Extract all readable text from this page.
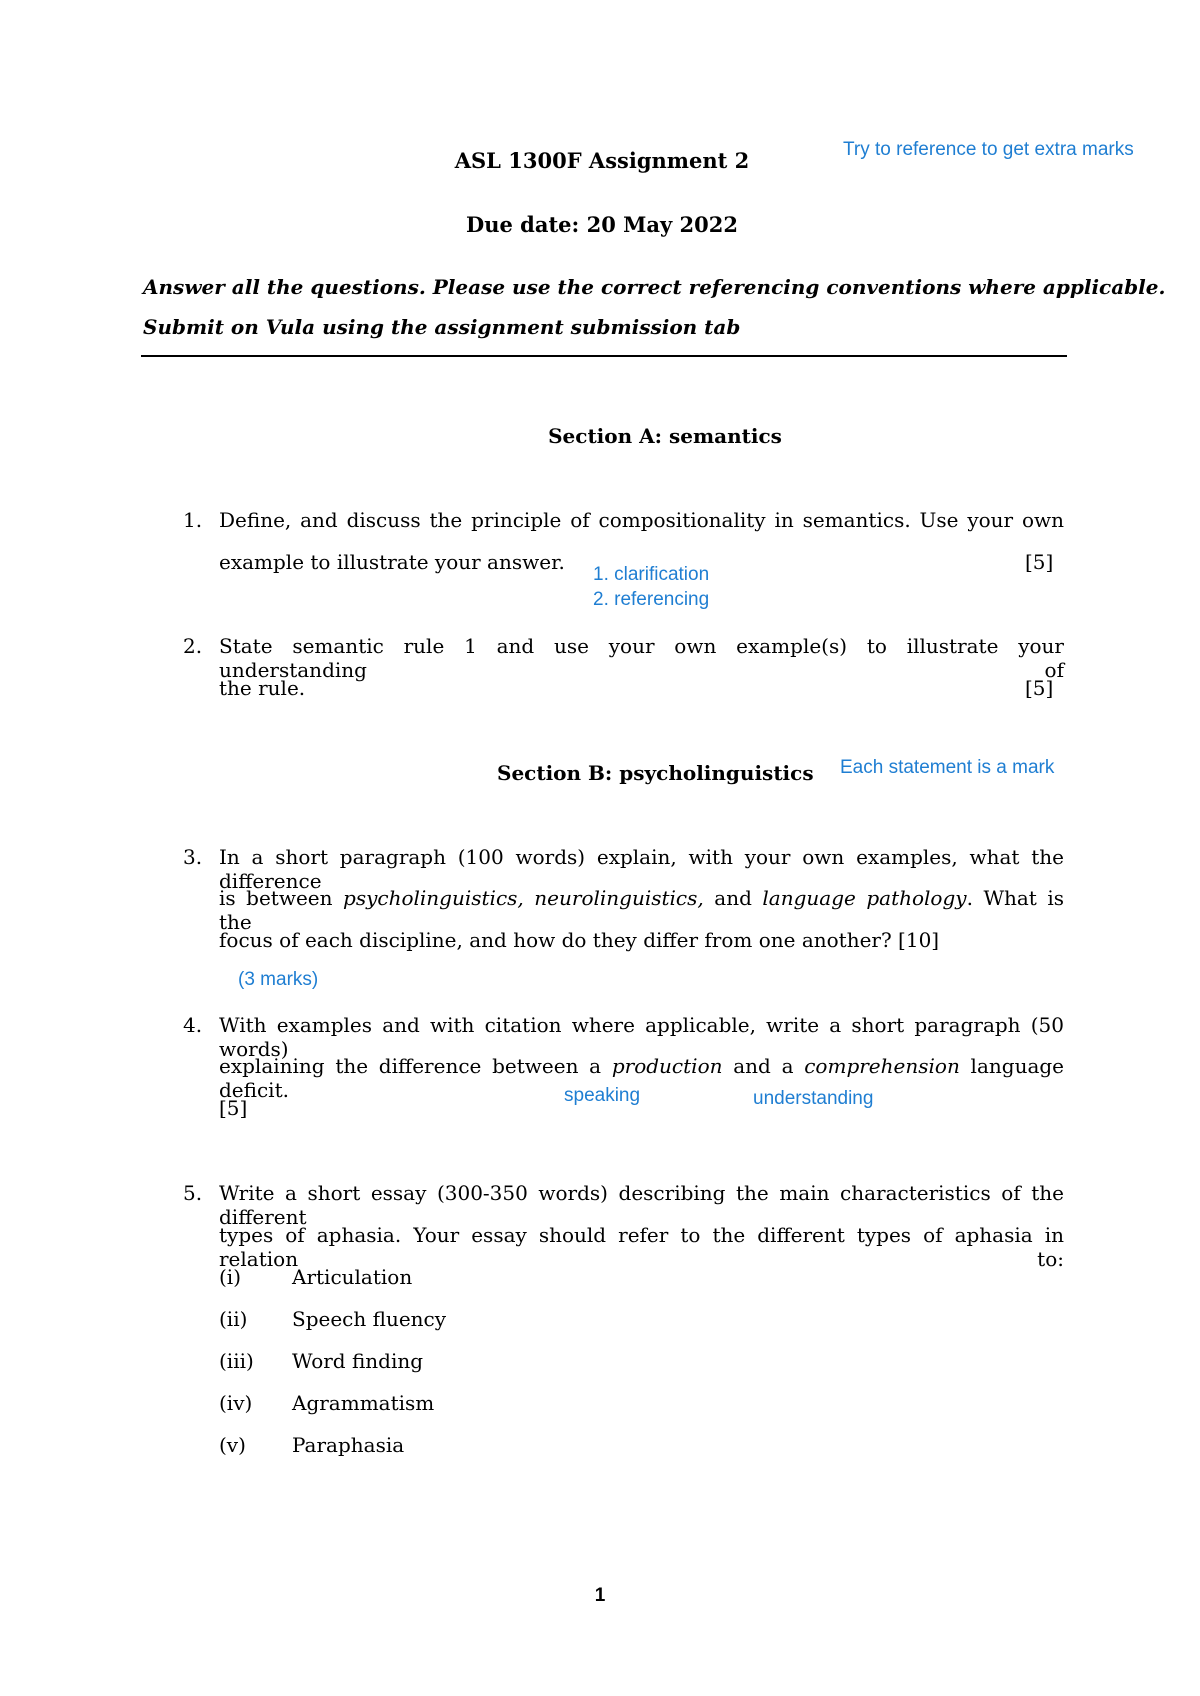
ASL 1300F Assignment 2	Try to reference to get extra marks
Due date: 20 May 2022
Answer all the questions. Please use the correct referencing conventions where applicable.
Submit on Vula using the assignment submission tab
Section A: semantics
1. Define, and discuss the principle of compositionality in semantics. Use your own
example to illustrate your answer.	[5]
1. clarification
2. referencing
2. State semantic rule 1 and use your own example(s) to illustrate your understanding of
the rule.	[5]
Section B: psycholinguistics Each statement is a mark
3. In a short paragraph (100 words) explain, with your own examples, what the difference
is between psycholinguistics, neurolinguistics, and language pathology. What is the
focus of each discipline, and how do they differ from one another? [10]
(3 marks)
4. With examples and with citation where applicable, write a short paragraph (50 words)
explaining the difference between a production and a comprehension language deficit.
[5]
speaking	understanding
5. Write a short essay (300-350 words) describing the main characteristics of the different
types of aphasia. Your essay should refer to the different types of aphasia in relation to:
(i)	Articulation
(ii) Speech fluency
(iii) Word finding
(iv) Agrammatism
(v) Paraphasia
1
